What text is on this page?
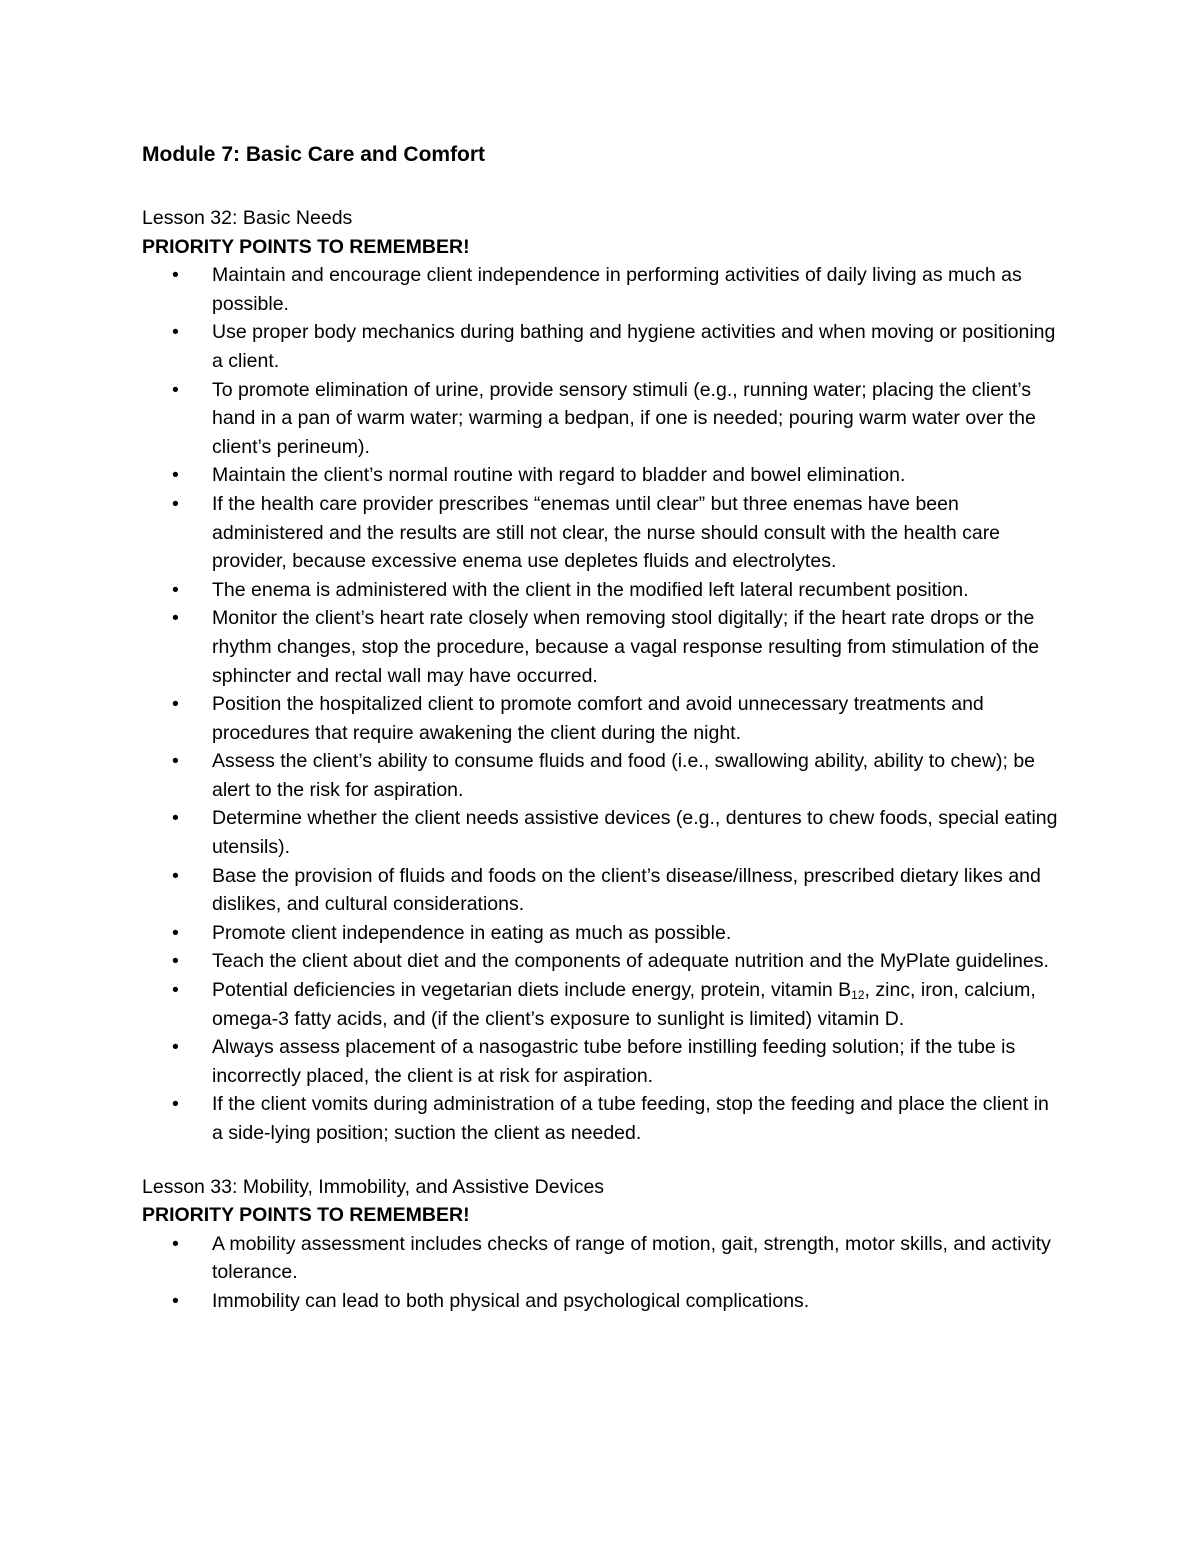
Module 7: Basic Care and Comfort

Lesson 32: Basic Needs

PRIORITY POINTS TO REMEMBER!

• Maintain and encourage client independence in performing activities of daily living as much as possible.
• Use proper body mechanics during bathing and hygiene activities and when moving or positioning a client.
• To promote elimination of urine, provide sensory stimuli (e.g., running water; placing the client’s hand in a pan of warm water; warming a bedpan, if one is needed; pouring warm water over the client’s perineum).
• Maintain the client’s normal routine with regard to bladder and bowel elimination.
• If the health care provider prescribes “enemas until clear” but three enemas have been administered and the results are still not clear, the nurse should consult with the health care provider, because excessive enema use depletes fluids and electrolytes.
• The enema is administered with the client in the modified left lateral recumbent position.
• Monitor the client’s heart rate closely when removing stool digitally; if the heart rate drops or the rhythm changes, stop the procedure, because a vagal response resulting from stimulation of the sphincter and rectal wall may have occurred.
• Position the hospitalized client to promote comfort and avoid unnecessary treatments and procedures that require awakening the client during the night.
• Assess the client’s ability to consume fluids and food (i.e., swallowing ability, ability to chew); be alert to the risk for aspiration.
• Determine whether the client needs assistive devices (e.g., dentures to chew foods, special eating utensils).
• Base the provision of fluids and foods on the client’s disease/illness, prescribed dietary likes and dislikes, and cultural considerations.
• Promote client independence in eating as much as possible.
• Teach the client about diet and the components of adequate nutrition and the MyPlate guidelines.
• Potential deficiencies in vegetarian diets include energy, protein, vitamin $B_{12}$, zinc, iron, calcium, omega-3 fatty acids, and (if the client’s exposure to sunlight is limited) vitamin D.
• Always assess placement of a nasogastric tube before instilling feeding solution; if the tube is incorrectly placed, the client is at risk for aspiration.
• If the client vomits during administration of a tube feeding, stop the feeding and place the client in a side-lying position; suction the client as needed.

Lesson 33: Mobility, Immobility, and Assistive Devices

PRIORITY POINTS TO REMEMBER!

• A mobility assessment includes checks of range of motion, gait, strength, motor skills, and activity tolerance.
• Immobility can lead to both physical and psychological complications.
